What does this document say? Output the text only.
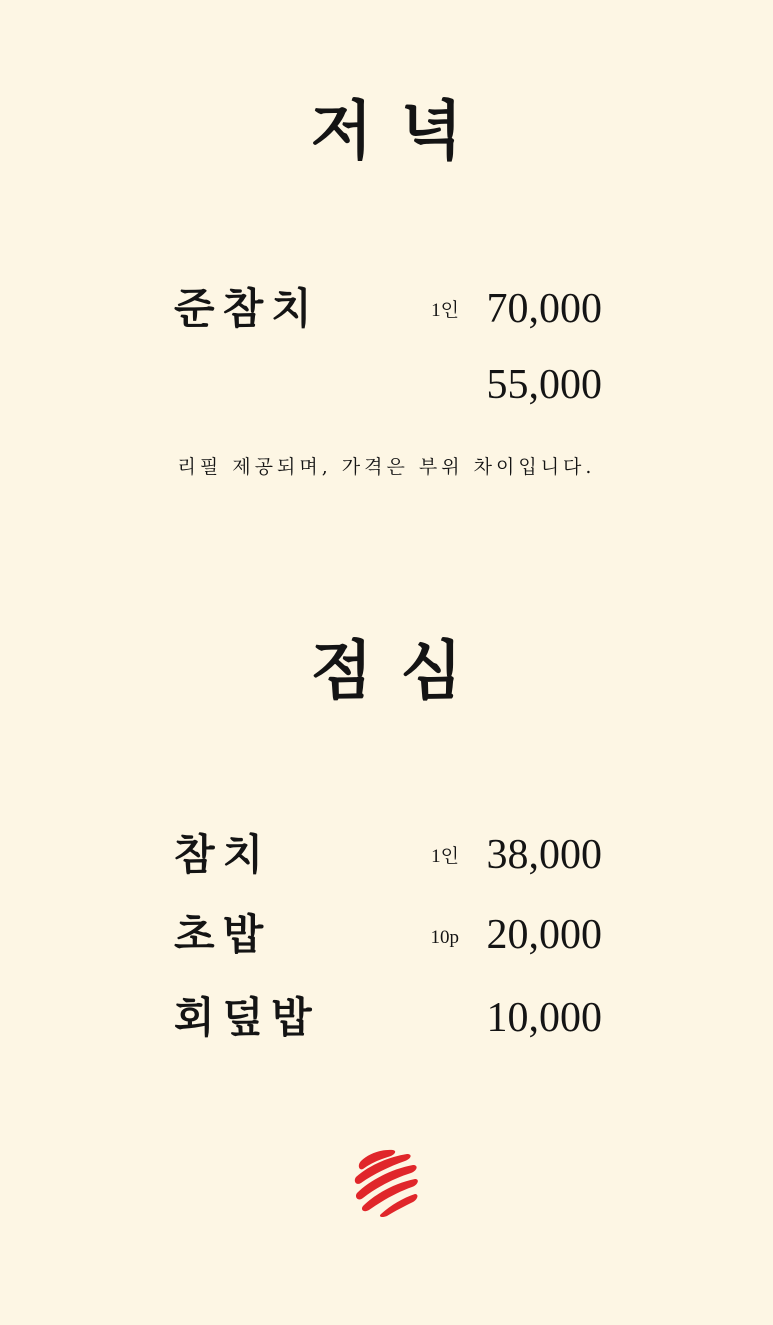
저녁
준참치	1인 70,000
55,000
리필 제공되며, 가격은 부위 차이입니다.
점심
참치	1인 38,000
초밥	10p 20,000
회덮밥	10,000
